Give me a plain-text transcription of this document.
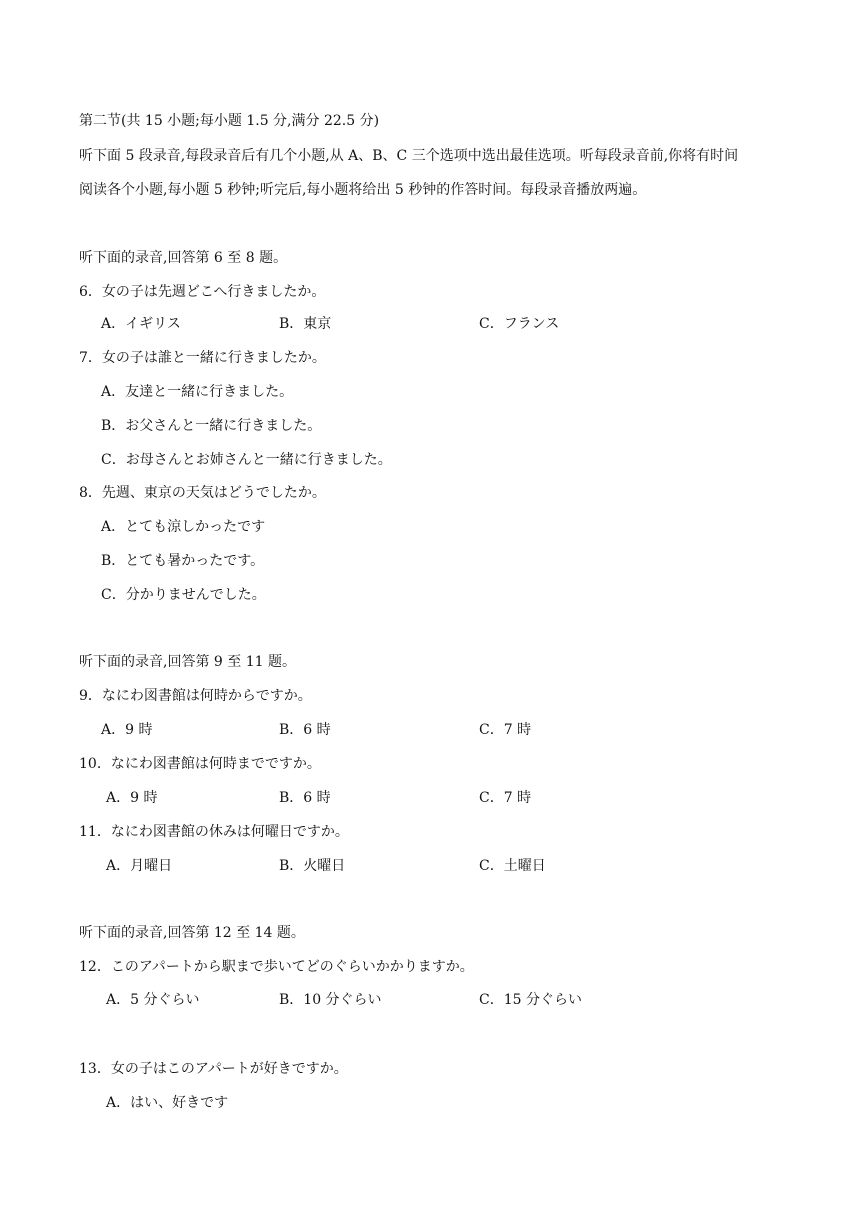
第二节(共 15 小题;每小题 1.5 分,满分 22.5 分)
听下面 5 段录音,每段录音后有几个小题,从 A、B、C 三个选项中选出最佳选项。听每段录音前,你将有时间
阅读各个小题,每小题 5 秒钟;听完后,每小题将给出 5 秒钟的作答时间。每段录音播放两遍。
听下面的录音,回答第 6 至 8 题。
6．女の子は先週どこへ行きましたか。
A．イギリス	B．東京	C．フランス
7．女の子は誰と一緒に行きましたか。
A．友達と一緒に行きました。
B．お父さんと一緒に行きました。
C．お母さんとお姉さんと一緒に行きました。
8．先週、東京の天気はどうでしたか。
A．とても涼しかったです
B．とても暑かったです。
C．分かりませんでした。
听下面的录音,回答第 9 至 11 题。
9．なにわ図書館は何時からですか。
A．9 時	B．6 時	C．7 時
10．なにわ図書館は何時までですか。
A．9 時	B．6 時	C．7 時
11．なにわ図書館の休みは何曜日ですか。
A．月曜日	B．火曜日	C．土曜日
听下面的录音,回答第 12 至 14 题。
12．このアパートから駅まで歩いてどのぐらいかかりますか。
A．5 分ぐらい	B．10 分ぐらい	C．15 分ぐらい
13．女の子はこのアパートが好きですか。
A．はい、好きです
